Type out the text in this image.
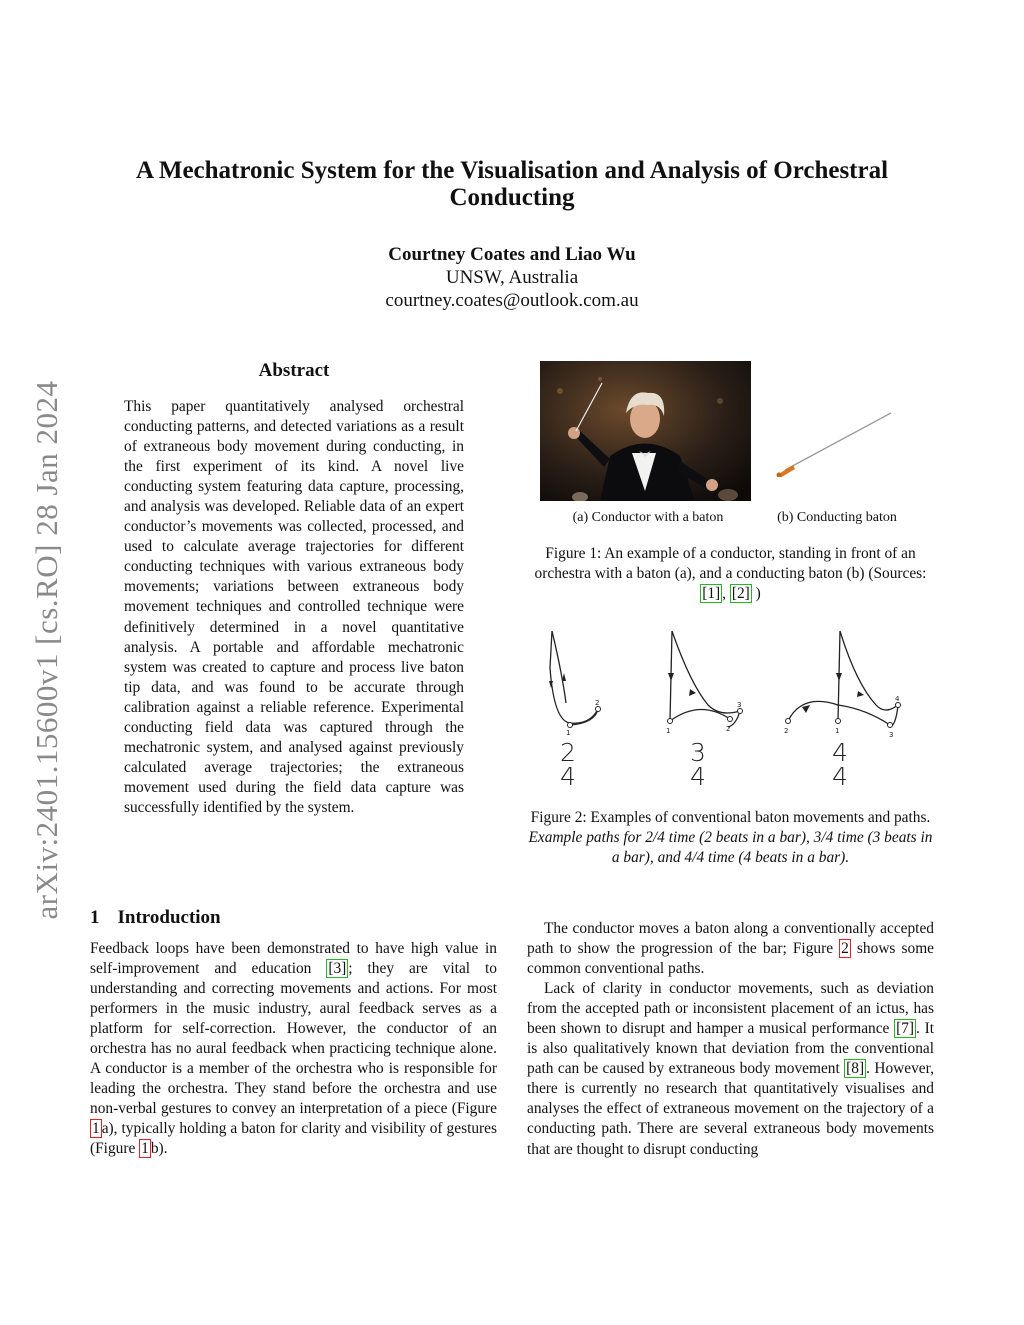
arXiv:2401.15600v1 [cs.RO] 28 Jan 2024
A Mechatronic System for the Visualisation and Analysis of Orchestral Conducting
Courtney Coates and Liao Wu
UNSW, Australia
courtney.coates@outlook.com.au
Abstract
This paper quantitatively analysed orchestral conducting patterns, and detected variations as a result of extraneous body movement during conducting, in the first experiment of its kind. A novel live conducting system featuring data capture, processing, and analysis was developed. Reliable data of an expert conductor’s movements was collected, processed, and used to calculate average trajectories for different conducting techniques with various extraneous body movements; variations between extraneous body movement techniques and controlled technique were definitively determined in a novel quantitative analysis. A portable and affordable mechatronic system was created to capture and process live baton tip data, and was found to be accurate through calibration against a reliable reference. Experimental conducting field data was captured through the mechatronic system, and analysed against previously calculated average trajectories; the extraneous movement used during the field data capture was successfully identified by the system.
1 Introduction
Feedback loops have been demonstrated to have high value in self-improvement and education [3] ; they are vital to understanding and correcting movements and actions. For most performers in the music industry, aural feedback serves as a platform for self-correction. However, the conductor of an orchestra has no aural feedback when practicing technique alone. A conductor is a member of the orchestra who is responsible for leading the orchestra. They stand before the orchestra and use non-verbal gestures to convey an interpretation of a piece (Figure 1 a), typically holding a baton for clarity and visibility of gestures (Figure 1 b).
(a) Conductor with a baton	(b) Conducting baton
Figure 1: An example of a conductor, standing in front of an orchestra with a baton (a), and a conducting baton (b) (Sources: [1] , [2] )
1
2
1	2
3
1
2	3
4
2
4
3
4
4
4
Figure 2: Examples of conventional baton movements and paths. Example paths for 2/4 time (2 beats in a bar), 3/4 time (3 beats in a bar), and 4/4 time (4 beats in a bar).

The conductor moves a baton along a conventionally accepted path to show the progression of the bar; Figure 2 shows some common conventional paths.

Lack of clarity in conductor movements, such as deviation from the accepted path or inconsistent placement of an ictus, has been shown to disrupt and hamper a musical performance [7] . It is also qualitatively known that deviation from the conventional path can be caused by extraneous body movement [8] . However, there is currently no research that quantitatively visualises and analyses the effect of extraneous movement on the trajectory of a conducting path. There are several extraneous body movements that are thought to disrupt conducting
